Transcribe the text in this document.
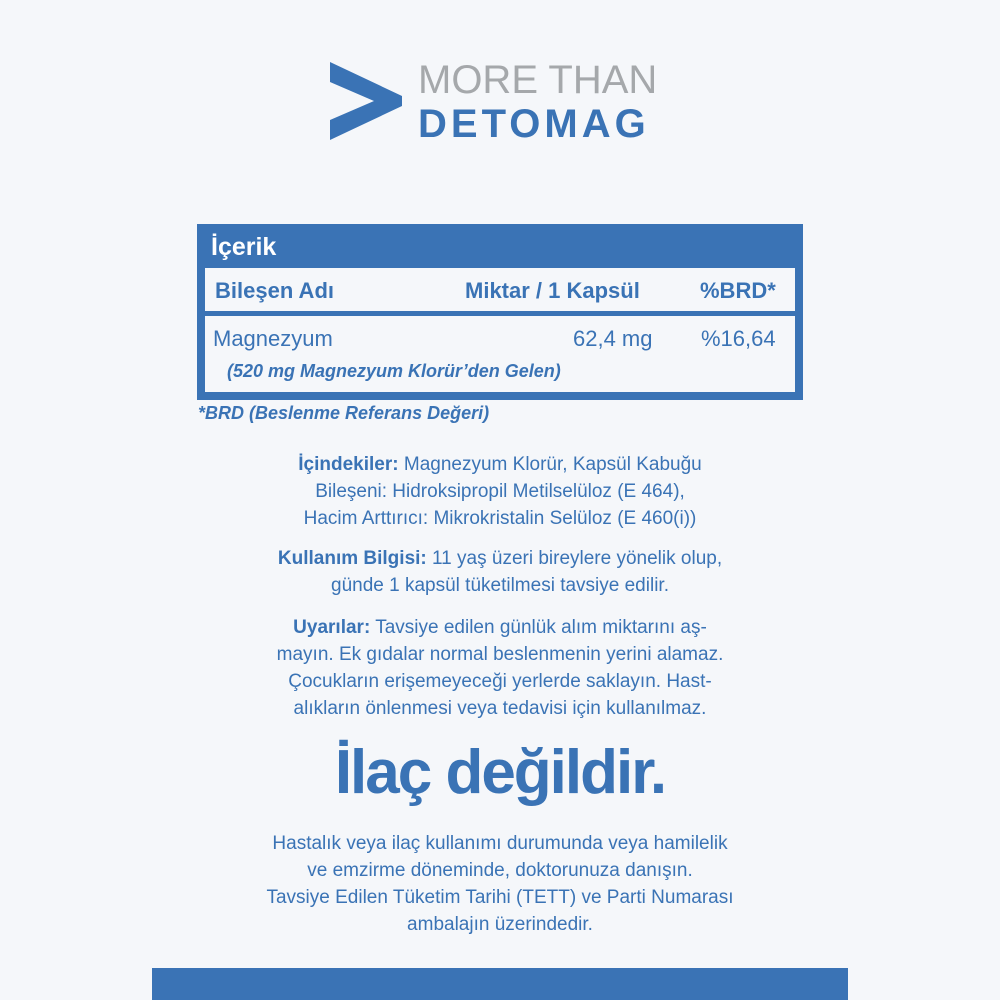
MORE THAN
DETOMAG
İçerik
Bileşen Adı	Miktar / 1 Kapsül	%BRD*
Magnezyum	62,4 mg %16,64
(520 mg Magnezyum Klorür’den Gelen)
*BRD (Beslenme Referans Değeri)
İçindekiler: Magnezyum Klorür, Kapsül Kabuğu
Bileşeni: Hidroksipropil Metilselüloz (E 464),
Hacim Arttırıcı: Mikrokristalin Selüloz (E 460(i))
Kullanım Bilgisi: 11 yaş üzeri bireylere yönelik olup,
günde 1 kapsül tüketilmesi tavsiye edilir.
Uyarılar: Tavsiye edilen günlük alım miktarını aş-
mayın. Ek gıdalar normal beslenmenin yerini alamaz.
Çocukların erişemeyeceği yerlerde saklayın. Hast-
alıkların önlenmesi veya tedavisi için kullanılmaz.
İlaç değildir.
Hastalık veya ilaç kullanımı durumunda veya hamilelik
ve emzirme döneminde, doktorunuza danışın.
Tavsiye Edilen Tüketim Tarihi (TETT) ve Parti Numarası
ambalajın üzerindedir.
